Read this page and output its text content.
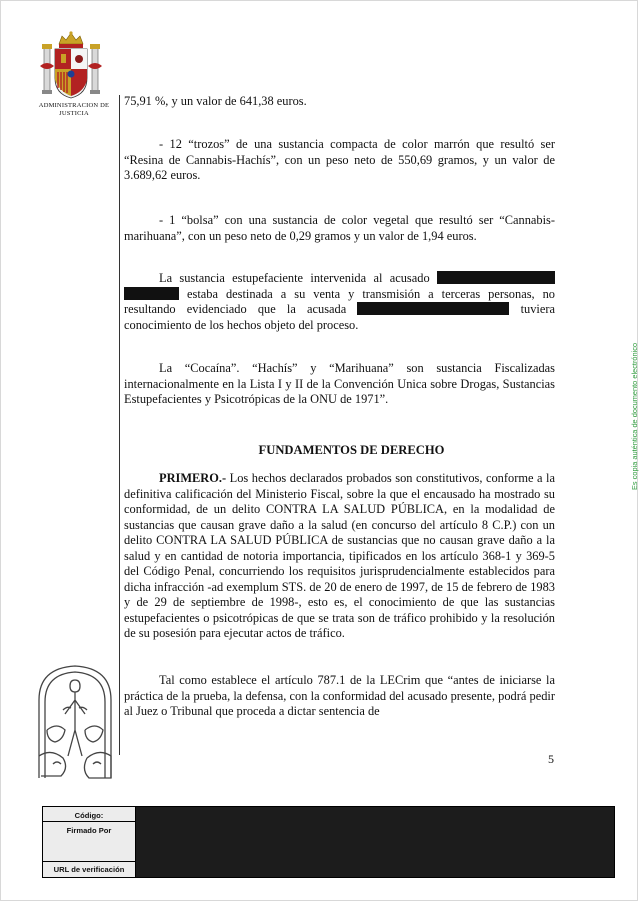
ADMINISTRACION DE JUSTICIA
75,91 %, y un valor de 641,38 euros.
- 12 “trozos” de una sustancia compacta de color marrón que resultó ser “Resina de Cannabis-Hachís”, con un peso neto de 550,69 gramos, y un valor de 3.689,62 euros.
- 1 “bolsa” con una sustancia de color vegetal que resultó ser “Cannabis-marihuana”, con un peso neto de 0,29 gramos y un valor de 1,94 euros.
La sustancia estupefaciente intervenida al acusado   estaba destinada a su venta y transmisión a terceras personas, no resultando evidenciado que la acusada	tuviera conocimiento de los hechos objeto del proceso.
La “Cocaína”. “Hachís” y “Marihuana” son sustancia Fiscalizadas internacionalmente en la Lista I y II de la Convención Unica sobre Drogas, Sustancias Estupefacientes y Psicotrópicas de la ONU de 1971”.
FUNDAMENTOS DE DERECHO
PRIMERO.- Los hechos declarados probados son constitutivos, conforme a la definitiva calificación del Ministerio Fiscal, sobre la que el encausado ha mostrado su conformidad, de un delito CONTRA LA SALUD PÚBLICA, en la modalidad de sustancias que causan grave daño a la salud (en concurso del artículo 8 C.P.) con un delito CONTRA LA SALUD PÚBLICA de sustancias que no causan grave daño a la salud y en cantidad de notoria importancia, tipificados en los artículo 368-1 y 369-5 del Código Penal, concurriendo los requisitos jurisprudencialmente establecidos para dicha infracción -ad exemplum STS. de 20 de enero de 1997, de 15 de febrero de 1983 y de 29 de septiembre de 1998-, esto es, el conocimiento de que las sustancias estupefacientes o psicotrópicas de que se trata son de tráfico prohibido y la resolución de su posesión para ejecutar actos de tráfico.
Tal como establece el artículo 787.1 de la LECrim que “antes de iniciarse la práctica de la prueba, la defensa, con la conformidad del acusado presente, podrá pedir al Juez o Tribunal que proceda a dictar sentencia de
5
Es copia auténtica de documento electrónico
Código:
Firmado Por
URL de verificación
